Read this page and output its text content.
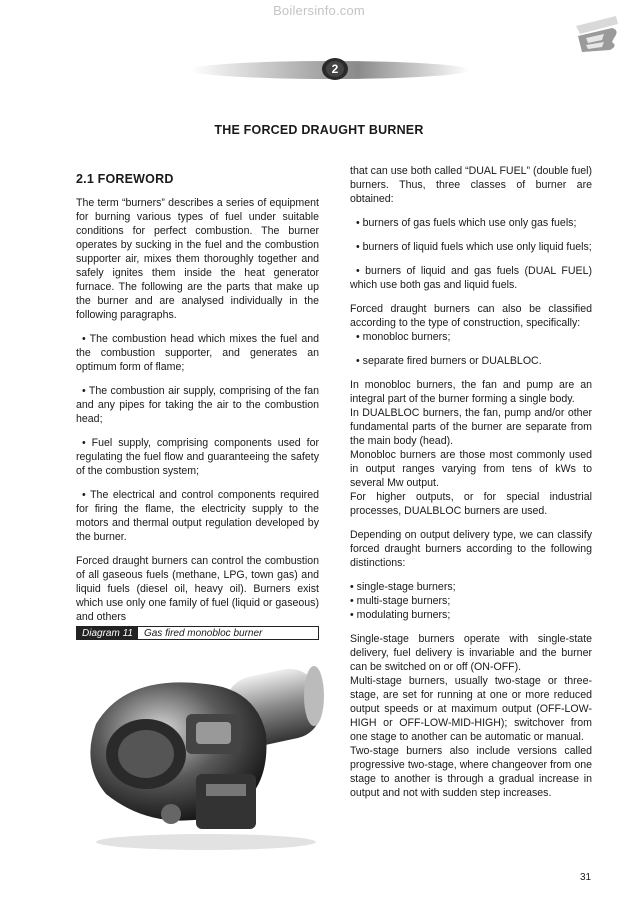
Boilersinfo.com
2
THE FORCED DRAUGHT BURNER
2.1 FOREWORD

The term “burners” describes a series of equipment for burning various types of fuel under suitable conditions for perfect combustion. The burner operates by sucking in the fuel and the combustion supporter air, mixes them thoroughly together and safely ignites them inside the heat generator furnace. The following are the parts that make up the burner and are analysed individually in the following paragraphs.

• The combustion head which mixes the fuel and the combustion supporter, and generates an optimum form of flame;

• The combustion air supply, comprising of the fan and any pipes for taking the air to the combustion head;

• Fuel supply, comprising components used for regulating the fuel flow and guaranteeing the safety of the combustion system;

• The electrical and control components required for firing the flame, the electricity supply to the motors and thermal output regulation developed by the burner.

Forced draught burners can control the combustion of all gaseous fuels (methane, LPG, town gas) and liquid fuels (diesel oil, heavy oil). Burners exist which use only one family of fuel (liquid or gaseous) and others

Diagram 11	Gas fired monobloc burner

that can use both called “DUAL FUEL” (double fuel) burners. Thus, three classes of burner are obtained:

• burners of gas fuels which use only gas fuels;

• burners of liquid fuels which use only liquid fuels;

• burners of liquid and gas fuels (DUAL FUEL) which use both gas and liquid fuels.

Forced draught burners can also be classified according to the type of construction, specifically:

• monobloc burners;

• separate fired burners or DUALBLOC.

In monobloc burners, the fan and pump are an integral part of the burner forming a single body.

In DUALBLOC burners, the fan, pump and/or other fundamental parts of the burner are separate from the main body (head).

Monobloc burners are those most commonly used in output ranges varying from tens of kWs to several Mw output.

For higher outputs, or for special industrial processes, DUALBLOC burners are used.

Depending on output delivery type, we can classify forced draught burners according to the following distinctions:

• single-stage burners;

• multi-stage burners;

• modulating burners;

Single-stage burners operate with single-state delivery, fuel delivery is invariable and the burner can be switched on or off (ON-OFF).

Multi-stage burners, usually two-stage or three-stage, are set for running at one or more reduced output speeds or at maximum output (OFF-LOW-HIGH or OFF-LOW-MID-HIGH); switchover from one stage to another can be automatic or manual.

Two-stage burners also include versions called progressive two-stage, where changeover from one stage to another is through a gradual increase in output and not with sudden step increases.

31
